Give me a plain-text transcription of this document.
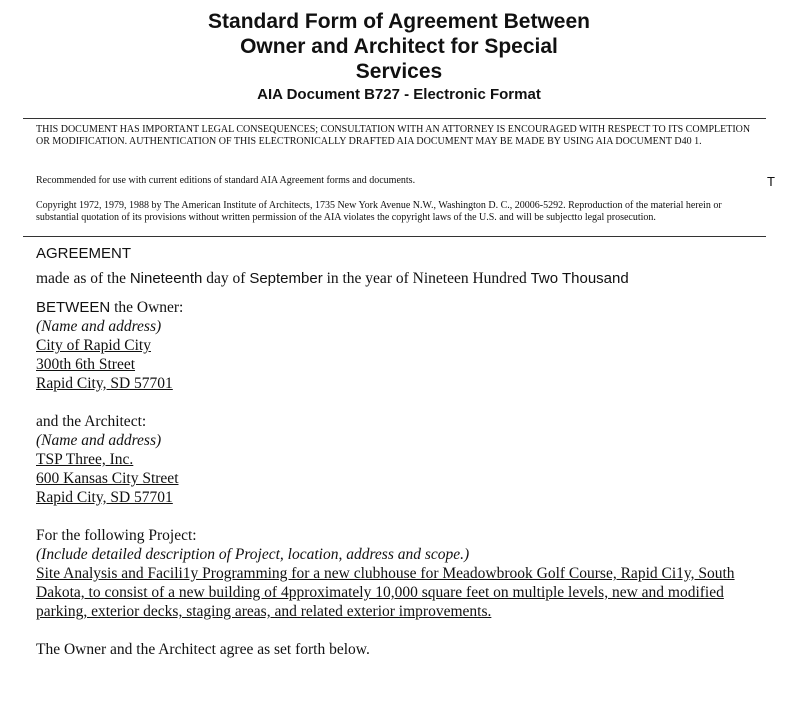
Standard Form of Agreement Between
Owner and Architect for Special
Services
AIA Document B727 - Electronic Format

THIS DOCUMENT HAS IMPORTANT LEGAL CONSEQUENCES; CONSULTATION WITH AN ATTORNEY IS ENCOURAGED WITH RESPECT TO ITS COMPLETION OR MODIFICATION. AUTHENTICATION OF THIS ELECTRONICALLY DRAFTED AIA DOCUMENT MAY BE MADE BY USING AIA DOCUMENT D40 1.

Recommended for use with current editions of standard AIA Agreement forms and documents.	T

Copyright 1972, 1979, 1988 by The American Institute of Architects, 1735 New York Avenue N.W., Washington D. C., 20006-5292. Reproduction of the material herein or substantial quotation of its provisions without written permission of the AIA violates the copyright laws of the U.S. and will be subjectto legal prosecution.

AGREEMENT
made as of the Nineteenth day of September in the year of Nineteen Hundred Two Thousand
BETWEEN the Owner:
(Name and address)
City of Rapid City
300th 6th Street
Rapid City, SD 57701
and the Architect:
(Name and address)
TSP Three, Inc.
600 Kansas City Street
Rapid City, SD 57701
For the following Project:
(Include detailed description of Project, location, address and scope.)
Site Analysis and Facili1y Programming for a new clubhouse for Meadowbrook Golf Course, Rapid Ci1y, South
Dakota, to consist of a new building of 4pproximately 10,000 square feet on multiple levels, new and modified
parking, exterior decks, staging areas, and related exterior improvements.
The Owner and the Architect agree as set forth below.
